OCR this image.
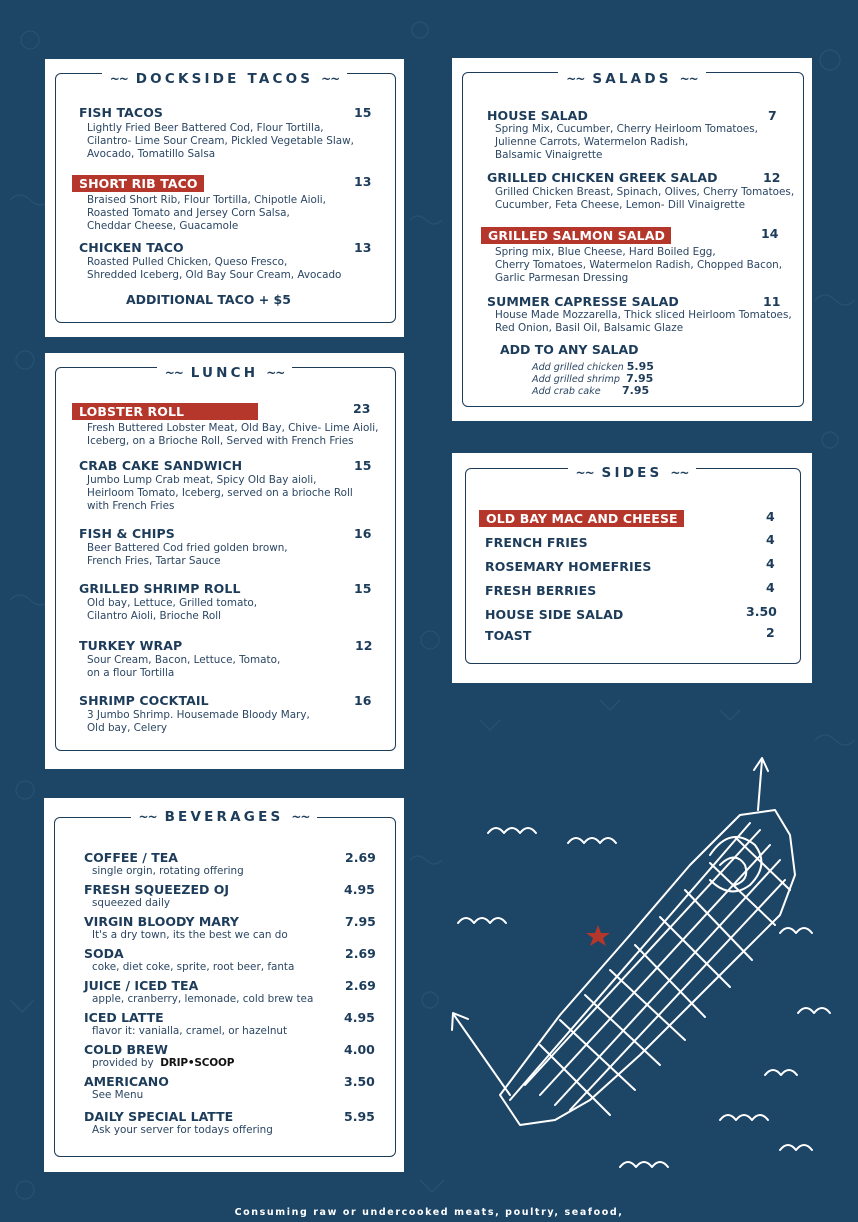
~~ DOCKSIDE TACOS ~~
FISH TACOS
Lightly Fried Beer Battered Cod, Flour Tortilla,
Cilantro- Lime Sour Cream, Pickled Vegetable Slaw,
Avocado, Tomatillo Salsa
15
SHORT RIB TACO
Braised Short Rib, Flour Tortilla, Chipotle Aioli,
Roasted Tomato and Jersey Corn Salsa,
Cheddar Cheese, Guacamole
13
CHICKEN TACO
Roasted Pulled Chicken, Queso Fresco,
Shredded Iceberg, Old Bay Sour Cream, Avocado
13
ADDITIONAL TACO + $5
~~ LUNCH ~~
LOBSTER ROLL
Fresh Buttered Lobster Meat, Old Bay, Chive- Lime Aioli,
Iceberg, on a Brioche Roll, Served with French Fries
23
CRAB CAKE SANDWICH
Jumbo Lump Crab meat, Spicy Old Bay aioli,
Heirloom Tomato, Iceberg, served on a brioche Roll
with French Fries
15
FISH & CHIPS
Beer Battered Cod fried golden brown,
French Fries, Tartar Sauce
16
GRILLED SHRIMP ROLL
Old bay, Lettuce, Grilled tomato,
Cilantro Aioli, Brioche Roll
15
TURKEY WRAP
Sour Cream, Bacon, Lettuce, Tomato,
on a flour Tortilla
12
SHRIMP COCKTAIL
3 Jumbo Shrimp. Housemade Bloody Mary,
Old bay, Celery
16
~~ SALADS ~~
HOUSE SALAD
Spring Mix, Cucumber, Cherry Heirloom Tomatoes,
Julienne Carrots, Watermelon Radish,
Balsamic Vinaigrette
7
GRILLED CHICKEN GREEK SALAD
Grilled Chicken Breast, Spinach, Olives, Cherry Tomatoes,
Cucumber, Feta Cheese, Lemon- Dill Vinaigrette
12
GRILLED SALMON SALAD
Spring mix, Blue Cheese, Hard Boiled Egg,
Cherry Tomatoes, Watermelon Radish, Chopped Bacon,
Garlic Parmesan Dressing
14
SUMMER CAPRESSE SALAD
House Made Mozzarella, Thick sliced Heirloom Tomatoes,
Red Onion, Basil Oil, Balsamic Glaze
11
ADD TO ANY SALAD
Add grilled chicken 5.95
Add grilled shrimp 7.95
Add crab cake 7.95
~~ SIDES ~~
OLD BAY MAC AND CHEESE	4
FRENCH FRIES	4
ROSEMARY HOMEFRIES	4
FRESH BERRIES	4
HOUSE SIDE SALAD	3.50
TOAST	2
~~ BEVERAGES ~~
COFFEE / TEA
single orgin, rotating offering
2.69
FRESH SQUEEZED OJ
squeezed daily
4.95
VIRGIN BLOODY MARY
It's a dry town, its the best we can do
7.95
SODA
coke, diet coke, sprite, root beer, fanta
2.69
JUICE / ICED TEA
apple, cranberry, lemonade, cold brew tea
2.69
ICED LATTE
flavor it: vanialla, cramel, or hazelnut
4.95
COLD BREW
provided by DRIP•SCOOP
4.00
AMERICANO
See Menu
3.50
DAILY SPECIAL LATTE
Ask your server for todays offering
5.95
Consuming raw or undercooked meats, poultry, seafood,
